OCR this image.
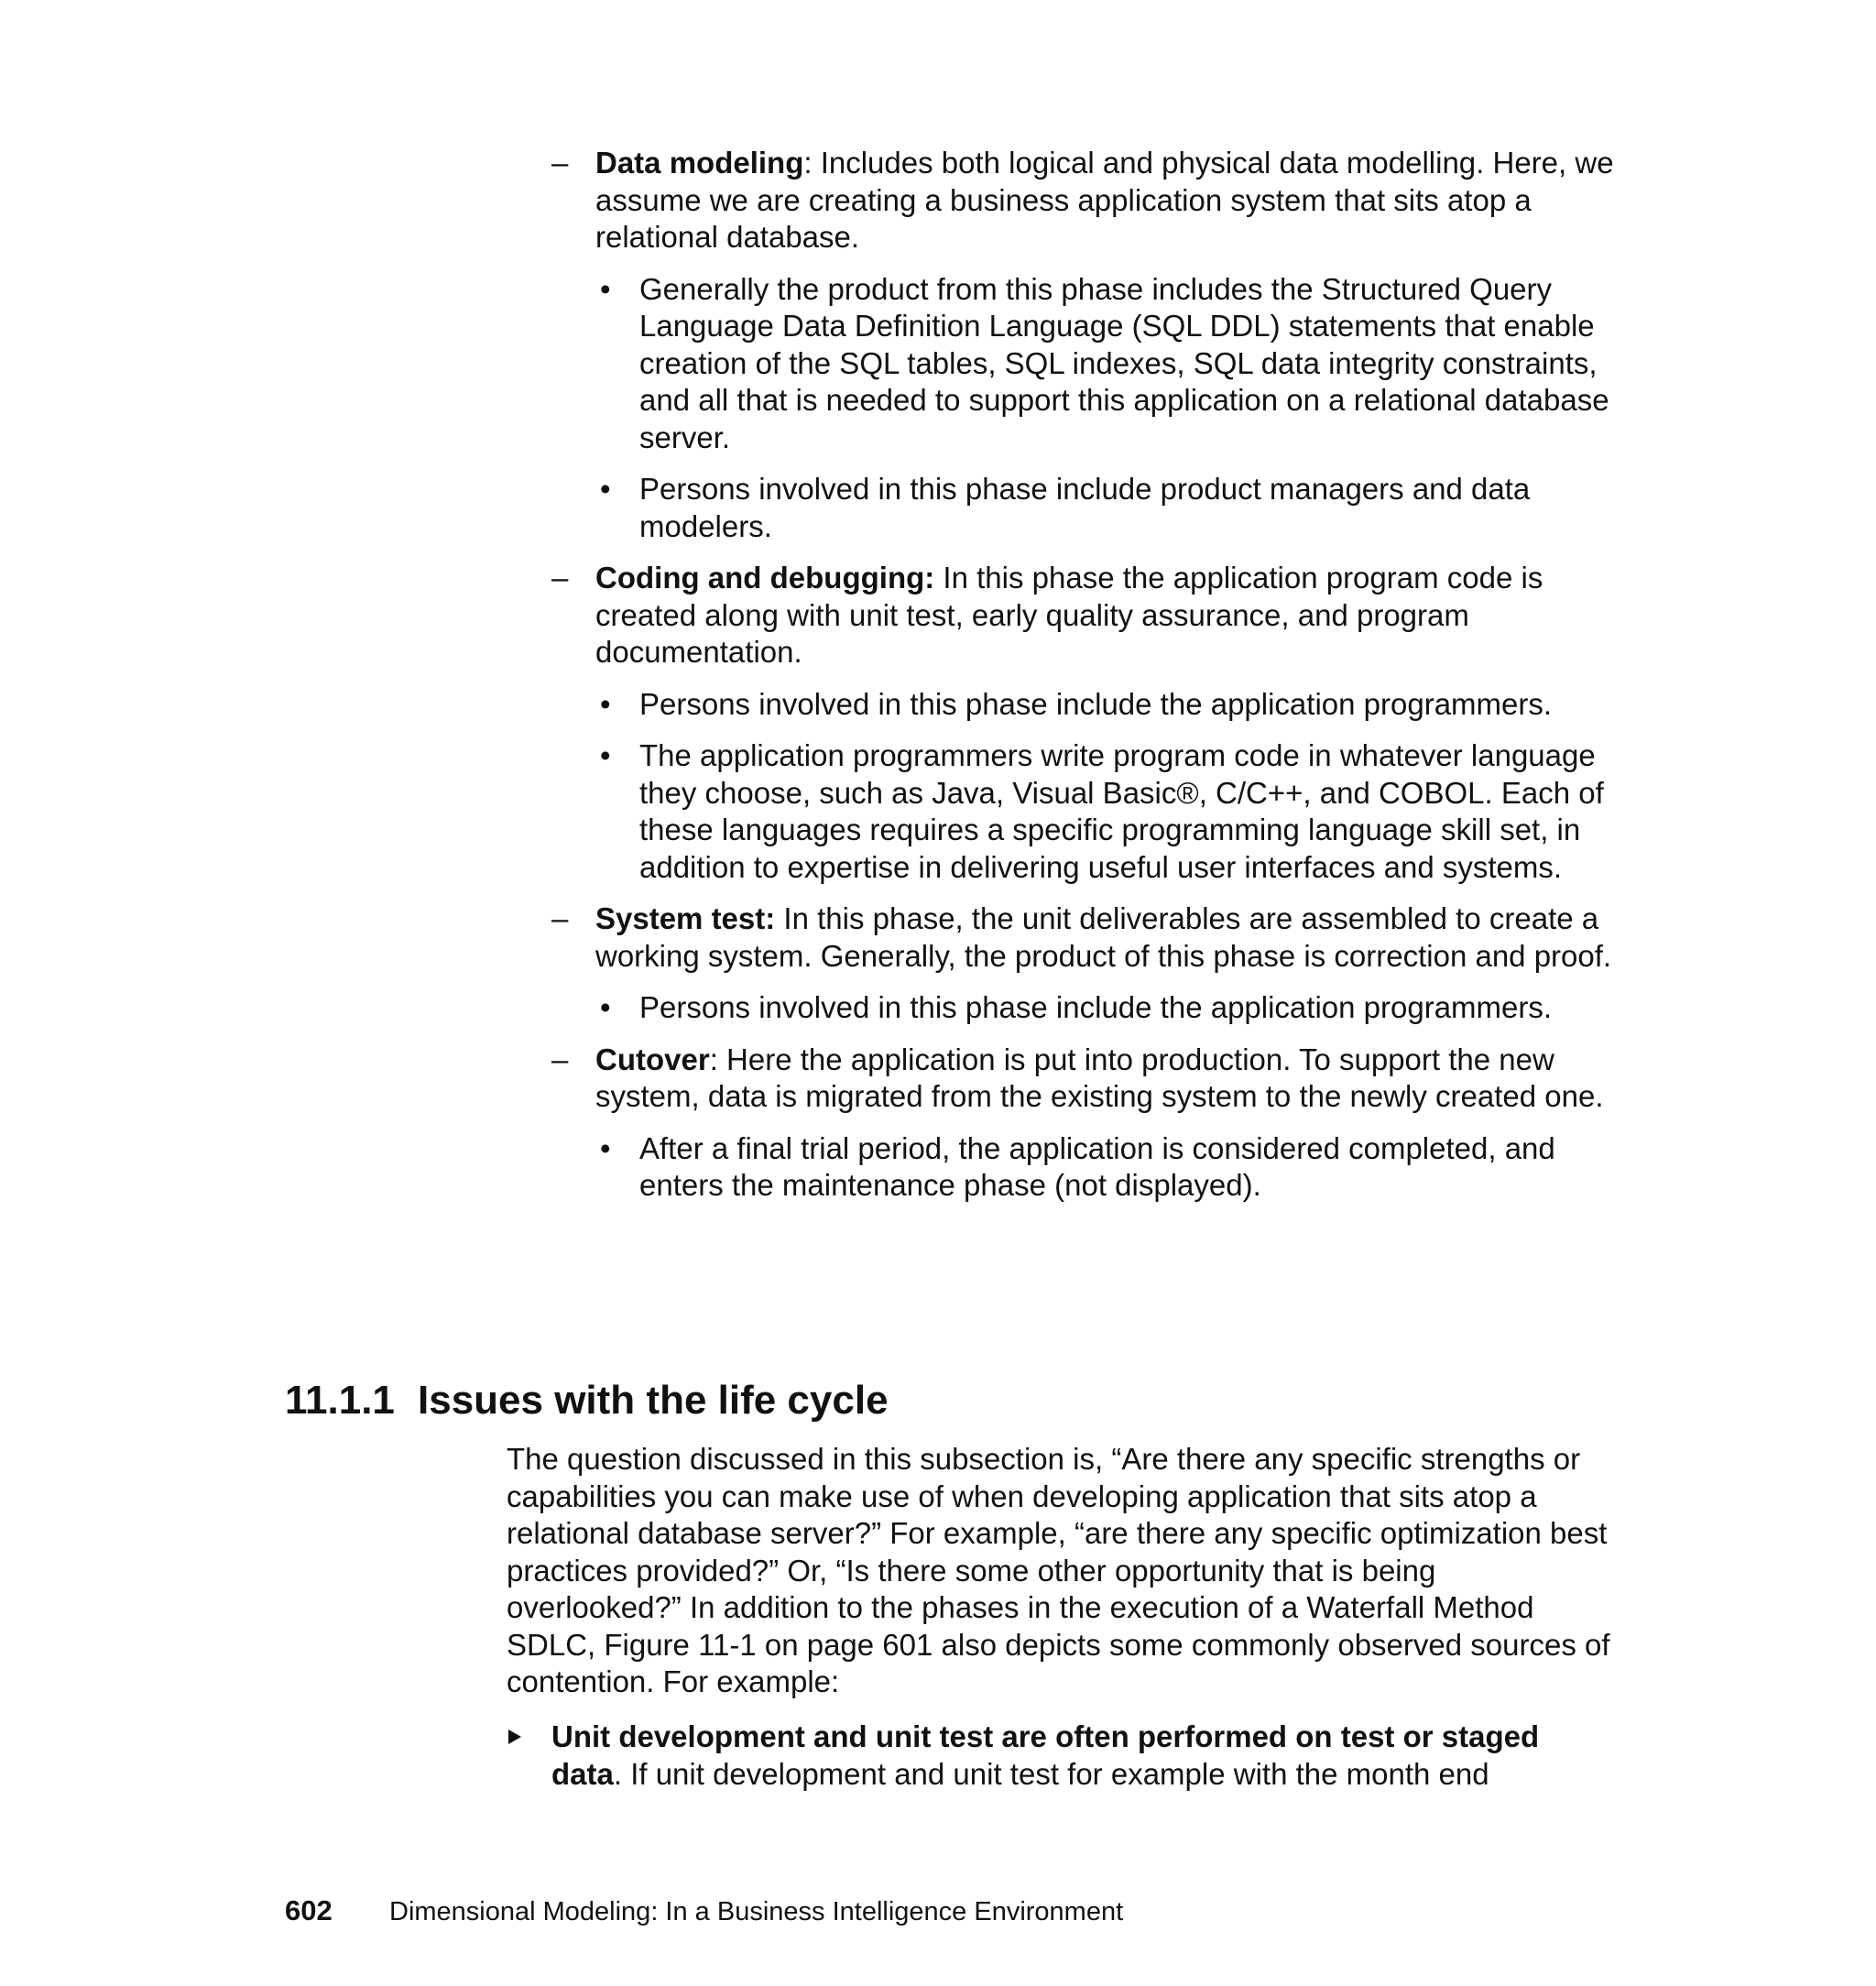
– Data modeling: Includes both logical and physical data modelling. Here, we assume we are creating a business application system that sits atop a relational database.

• Generally the product from this phase includes the Structured Query Language Data Definition Language (SQL DDL) statements that enable creation of the SQL tables, SQL indexes, SQL data integrity constraints, and all that is needed to support this application on a relational database server.

• Persons involved in this phase include product managers and data modelers.

– Coding and debugging: In this phase the application program code is created along with unit test, early quality assurance, and program documentation.

• Persons involved in this phase include the application programmers.

• The application programmers write program code in whatever language they choose, such as Java, Visual Basic®, C/C++, and COBOL. Each of these languages requires a specific programming language skill set, in addition to expertise in delivering useful user interfaces and systems.

– System test: In this phase, the unit deliverables are assembled to create a working system. Generally, the product of this phase is correction and proof.

• Persons involved in this phase include the application programmers.

– Cutover: Here the application is put into production. To support the new system, data is migrated from the existing system to the newly created one.

• After a final trial period, the application is considered completed, and enters the maintenance phase (not displayed).

11.1.1 Issues with the life cycle

The question discussed in this subsection is, “Are there any specific strengths or capabilities you can make use of when developing application that sits atop a relational database server?” For example, “are there any specific optimization best practices provided?” Or, “Is there some other opportunity that is being overlooked?” In addition to the phases in the execution of a Waterfall Method SDLC, Figure 11-1 on page 601 also depicts some commonly observed sources of contention. For example:

Unit development and unit test are often performed on test or staged data. If unit development and unit test for example with the month end

602 Dimensional Modeling: In a Business Intelligence Environment
